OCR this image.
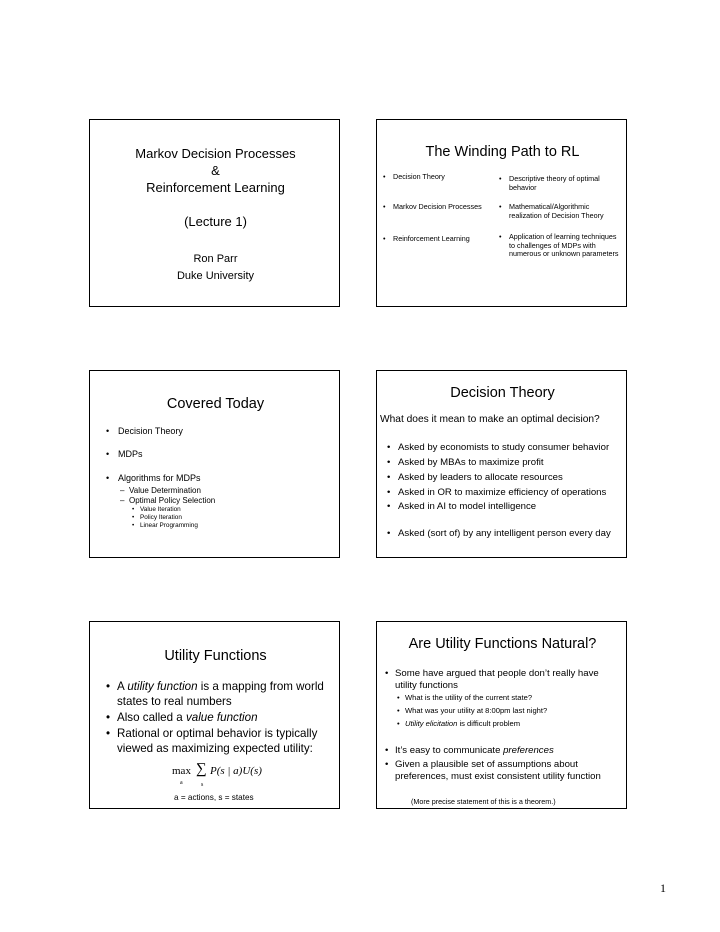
Markov Decision Processes
&
Reinforcement Learning
(Lecture 1)
Ron Parr
Duke University
The Winding Path to RL
•	Decision Theory	•	Descriptive theory of optimal behavior
•	Markov Decision Processes •	Mathematical/Algorithmic realization of Decision Theory
•	Reinforcement Learning	•	Application of learning techniques to challenges of MDPs with numerous or unknown parameters
Covered Today
• Decision Theory
• MDPs
• Algorithms for MDPs
– Value Determination
– Optimal Policy Selection
• Value Iteration
• Policy Iteration
• Linear Programming
Decision Theory
What does it mean to make an optimal decision?
• Asked by economists to study consumer behavior
• Asked by MBAs to maximize profit
• Asked by leaders to allocate resources
• Asked in OR to maximize efficiency of operations
• Asked in AI to model intelligence
• Asked (sort of) by any intelligent person every day
Utility Functions
• A utility function is a mapping from world states to real numbers
• Also called a value function
• Rational or optimal behavior is typically viewed as maximizing expected utility:
max
a
∑
s
P(s | a)U(s)
a = actions, s = states
Are Utility Functions Natural?
• Some have argued that people don’t really have utility functions
• What is the utility of the current state?
• What was your utility at 8:00pm last night?
• Utility elicitation is difficult problem
• It’s easy to communicate preferences
• Given a plausible set of assumptions about preferences, must exist consistent utility function
(More precise statement of this is a theorem.)
1
